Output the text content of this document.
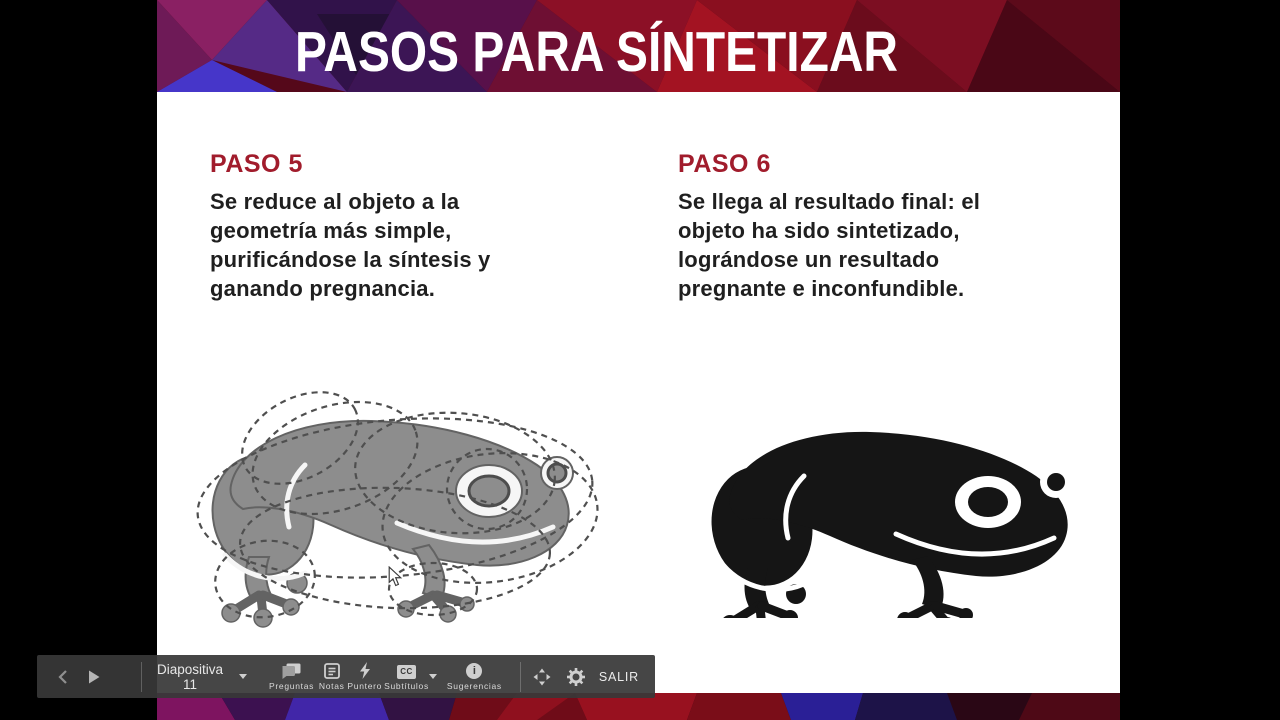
PASOS PARA SÍNTETIZAR
PASO 5
Se reduce al objeto a la
geometría más simple,
purificándose la síntesis y
ganando pregnancia.
PASO 6
Se llega al resultado final: el
objeto ha sido sintetizado,
lográndose un resultado
pregnante e inconfundible.
Diapositiva 11	Preguntas Notas Puntero
CC
Subtítulos
i
Sugerencias
SALIR
